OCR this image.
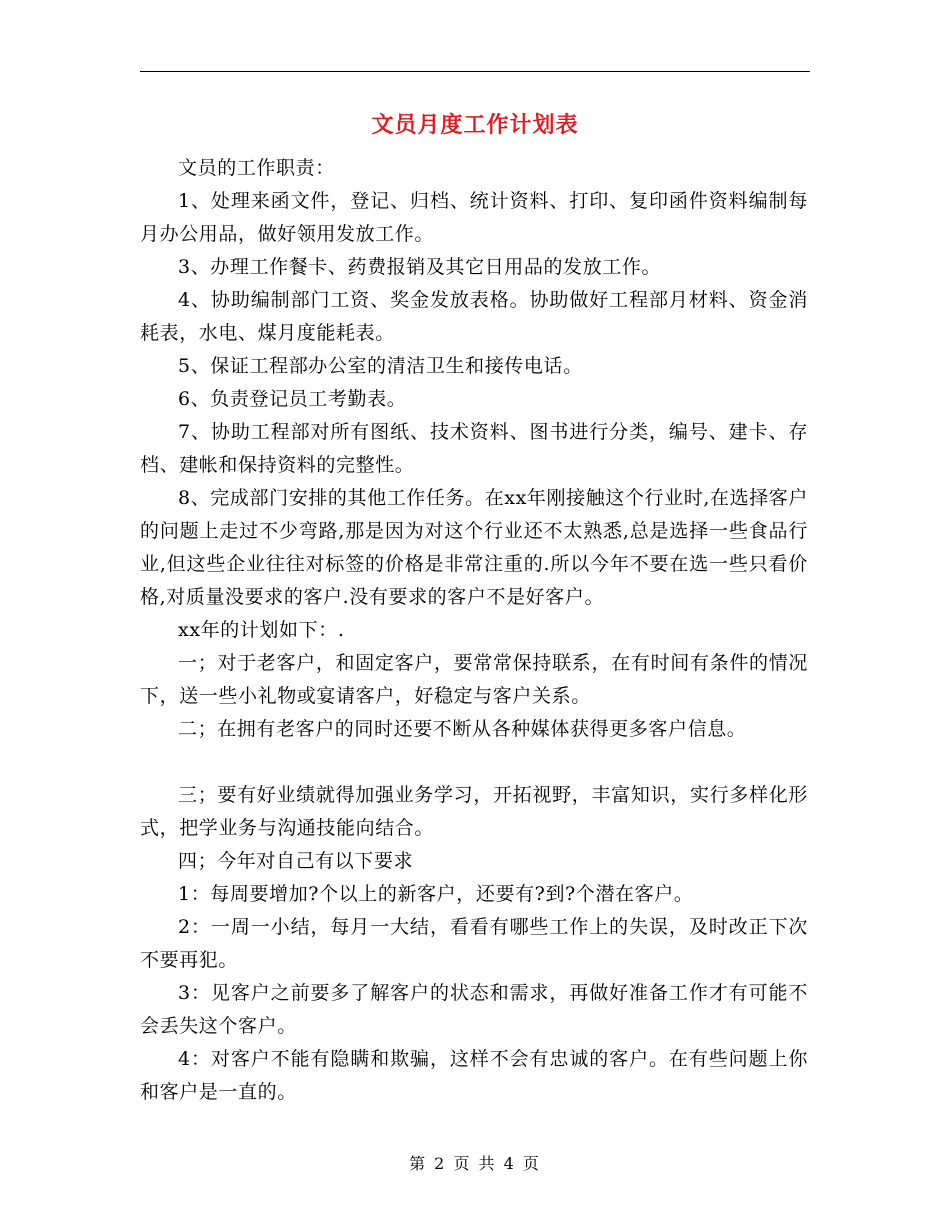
文员月度工作计划表

文员的工作职责：

1、处理来函文件，登记、归档、统计资料、打印、复印函件资料编制每月办公用品，做好领用发放工作。

3、办理工作餐卡、药费报销及其它日用品的发放工作。

4、协助编制部门工资、奖金发放表格。协助做好工程部月材料、资金消耗表，水电、煤月度能耗表。

5、保证工程部办公室的清洁卫生和接传电话。

6、负责登记员工考勤表。

7、协助工程部对所有图纸、技术资料、图书进行分类，编号、建卡、存档、建帐和保持资料的完整性。

8、完成部门安排的其他工作任务。在xx年刚接触这个行业时,在选择客户的问题上走过不少弯路,那是因为对这个行业还不太熟悉,总是选择一些食品行业,但这些企业往往对标签的价格是非常注重的.所以今年不要在选一些只看价格,对质量没要求的客户.没有要求的客户不是好客户。

xx年的计划如下：.

一；对于老客户，和固定客户，要常常保持联系，在有时间有条件的情况下，送一些小礼物或宴请客户，好稳定与客户关系。

二；在拥有老客户的同时还要不断从各种媒体获得更多客户信息。

三；要有好业绩就得加强业务学习，开拓视野，丰富知识，实行多样化形式，把学业务与沟通技能向结合。

四；今年对自己有以下要求

1：每周要增加?个以上的新客户，还要有?到?个潜在客户。

2：一周一小结，每月一大结，看看有哪些工作上的失误，及时改正下次不要再犯。

3：见客户之前要多了解客户的状态和需求，再做好准备工作才有可能不会丢失这个客户。

4：对客户不能有隐瞒和欺骗，这样不会有忠诚的客户。在有些问题上你和客户是一直的。

第 2 页 共 4 页
